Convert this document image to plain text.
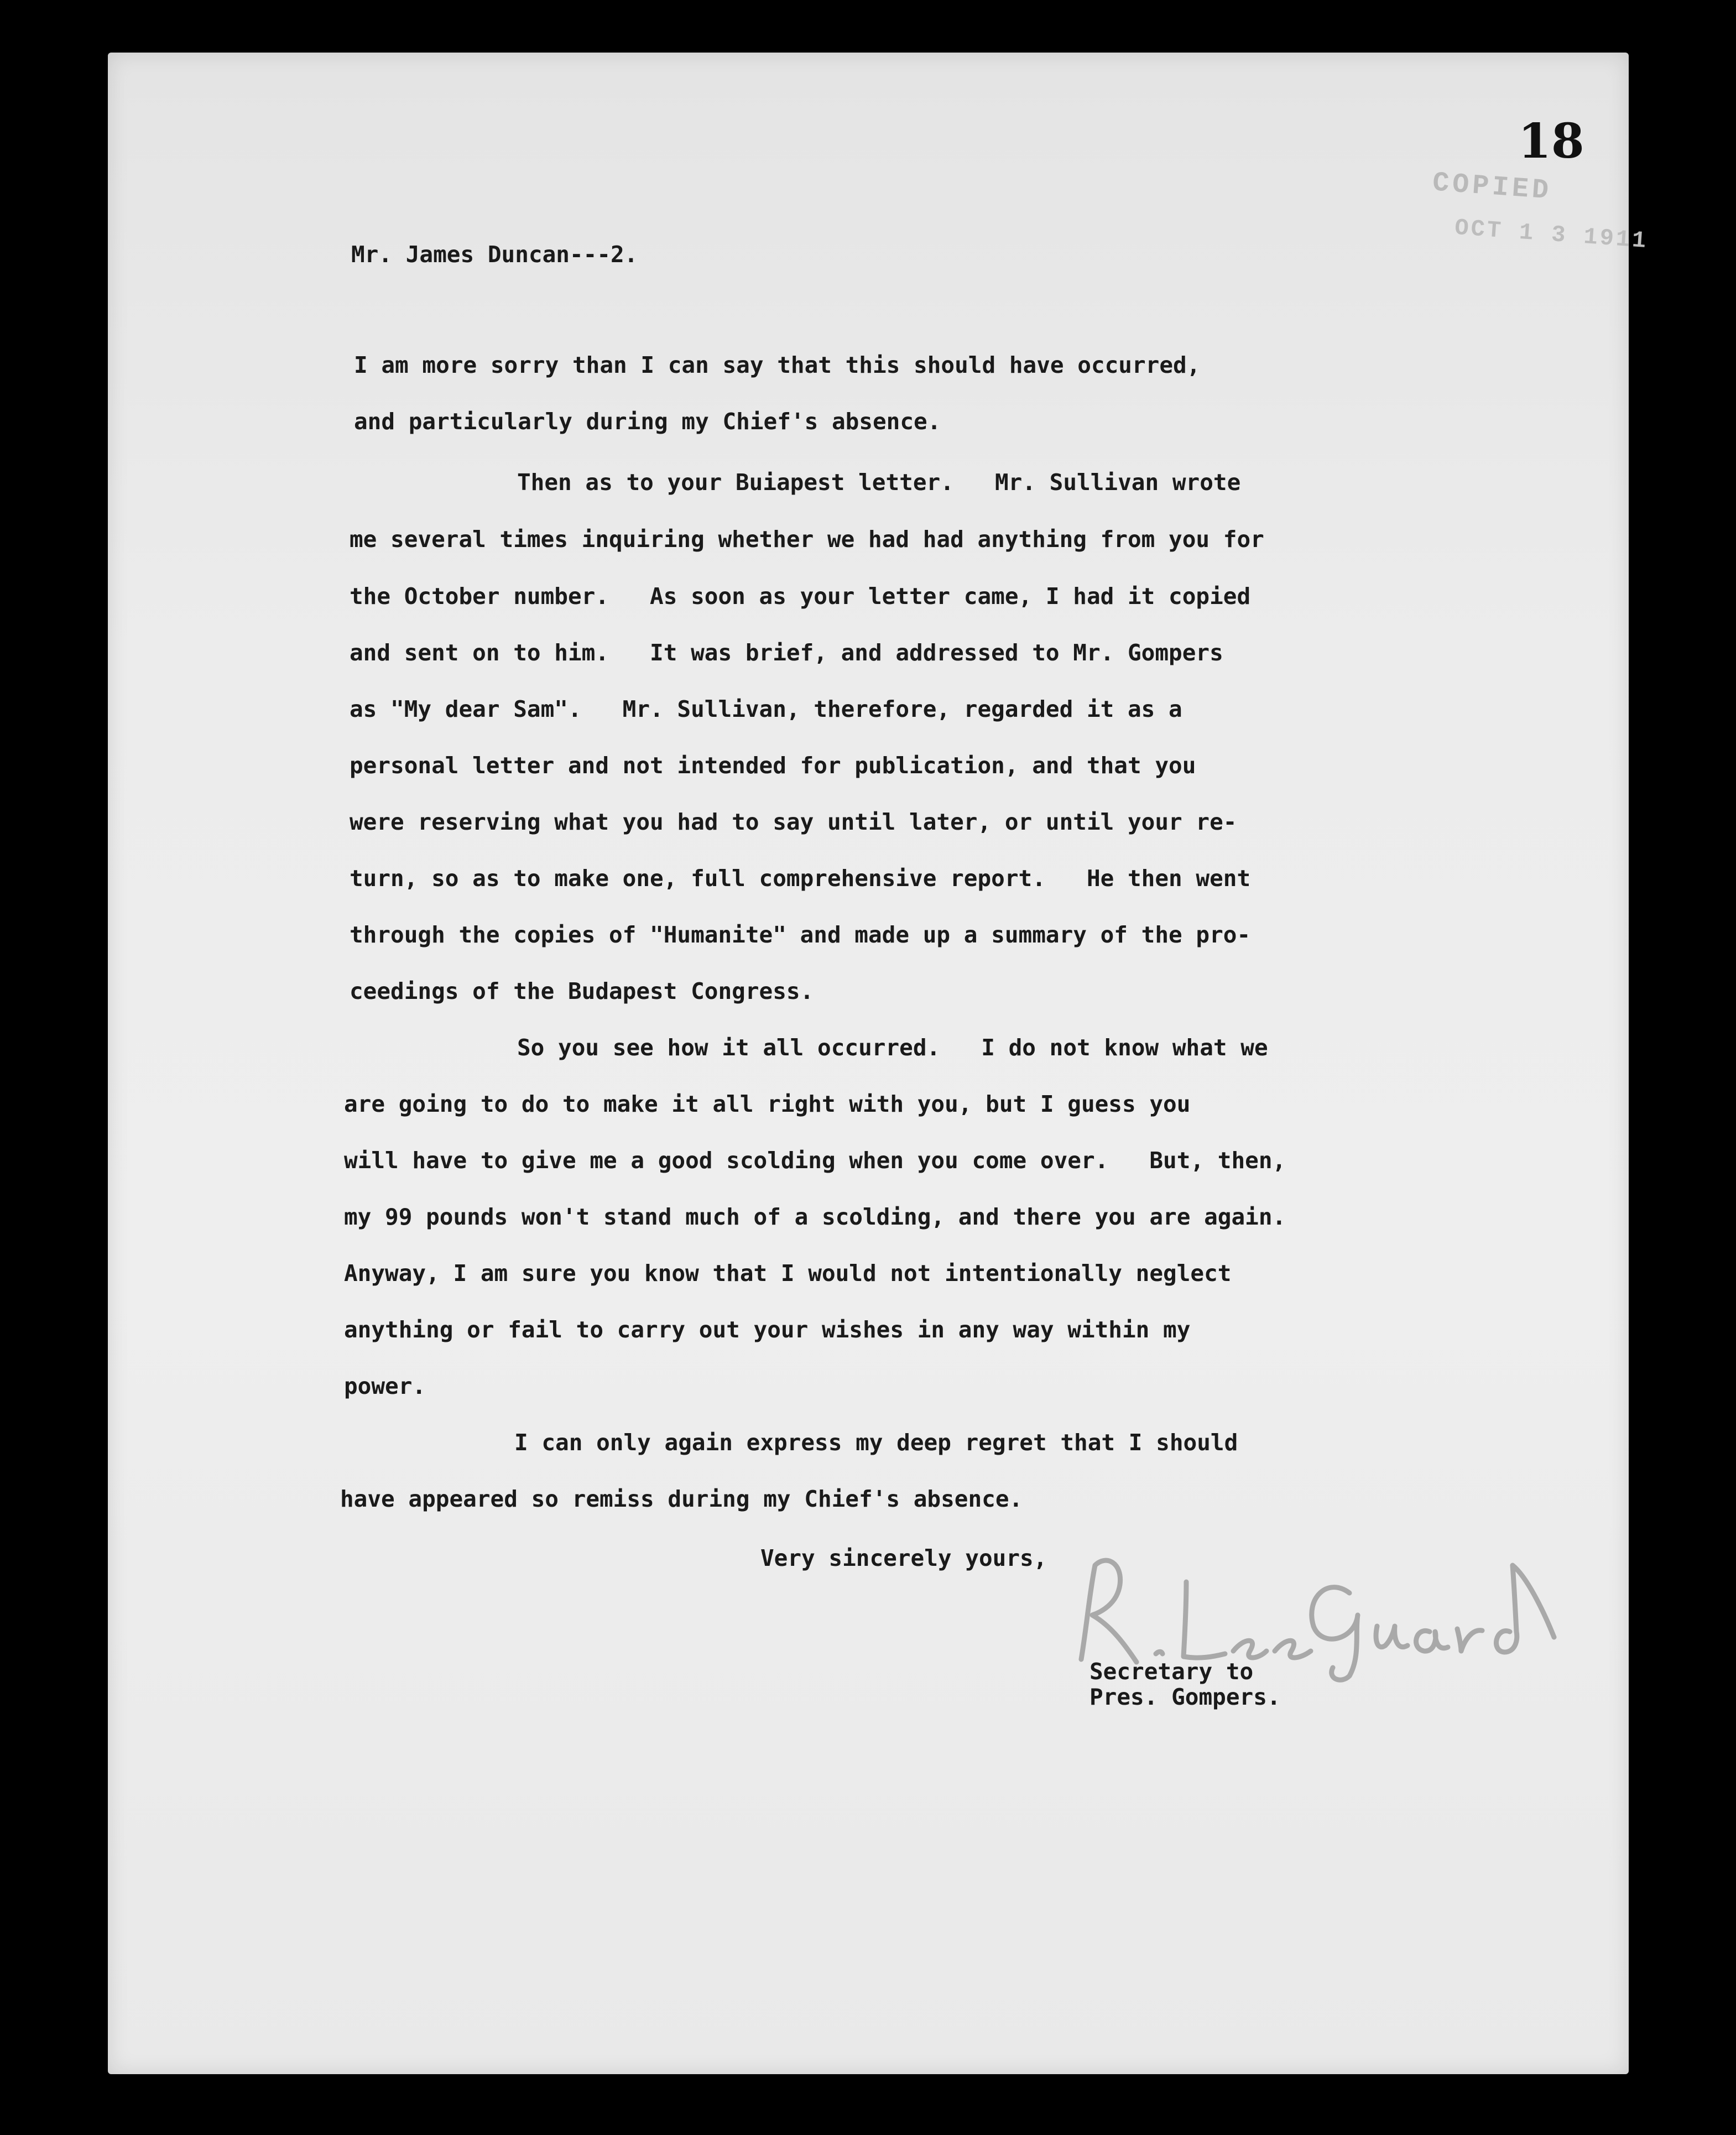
18
COPIED
OCT 1 3 1911

Mr. James Duncan---2.

I am more sorry than I can say that this should have occurred,

and particularly during my Chief's absence.

Then as to your Buiapest letter.   Mr. Sullivan wrote

me several times inquiring whether we had had anything from you for

the October number.   As soon as your letter came, I had it copied

and sent on to him.   It was brief, and addressed to Mr. Gompers

as "My dear Sam".   Mr. Sullivan, therefore, regarded it as a

personal letter and not intended for publication, and that you

were reserving what you had to say until later, or until your re-

turn, so as to make one, full comprehensive report.   He then went

through the copies of "Humanite" and made up a summary of the pro-

ceedings of the Budapest Congress.

So you see how it all occurred.   I do not know what we

are going to do to make it all right with you, but I guess you

will have to give me a good scolding when you come over.   But, then,

my 99 pounds won't stand much of a scolding, and there you are again.

Anyway, I am sure you know that I would not intentionally neglect

anything or fail to carry out your wishes in any way within my

power.

I can only again express my deep regret that I should

have appeared so remiss during my Chief's absence.

Very sincerely yours,

Secretary to

Pres. Gompers.
